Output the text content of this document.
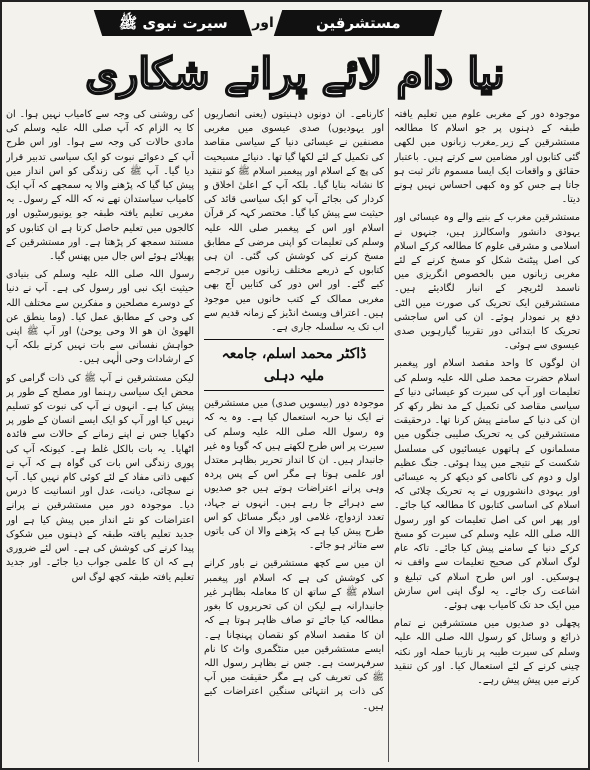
مستشرقین
اور
سیرت نبوی ﷺ
نیا دام لائے پرانے شکاری

موجودہ دور کے مغربی علوم میں تعلیم یافتہ طبقہ کے ذہنوں پر جو اسلام کا مطالعہ مستشرقین کے زیر ِمغرب زبانوں میں لکھی گئی کتابوں اور مضامین سے کرتے ہیں۔ باعتبار حقائق و واقعات ایک ایسا مسموم تاثر ثبت ہو جاتا ہے جس کو وہ کبھی احساس نہیں ہونے دیتا۔

مستشرقین مغرب کے بنیے والے وہ عیسائی اور یہودی دانشور واسکالرز ہیں، جنہوں نے اسلامی و مشرقی علوم کا مطالعہ کرکے اسلام کی اصل پیٹنٹ شکل کو مسخ کرنے کے لئے مغربی زبانوں میں بالخصوص انگریزی میں ناسمد لٹریچر کے انبار لگادیئے ہیں۔ مستشرقین ایک تحریک کی صورت میں الٹی دفع پر نمودار ہوئے۔ ان کی اس ساجشی تحریک کا ابتدائی دور تقریبا گیارہویں صدی عیسوی سے ہوئی۔

ان لوگوں کا واحد مقصد اسلام اور پیغمبر اسلام حضرت محمد صلی اللہ علیہ وسلم کی تعلیمات اور آپ کی سیرت کو عیسائی دنیا کے سیاسی مقاصد کی تکمیل کے مد نظر رکھ کر ان کی دنیا کے سامنے پیش کرنا تھا۔ درحقیقت مستشرقین کی یہ تحریک صلیبی جنگوں میں مسلمانوں کے ہاتھوں عیسائیوں کی مسلسل شکست کے نتیجے میں پیدا ہوئی۔ جنگ عظیم اول و دوم کی ناکامی کو دیکھ کر یہ عیسائی اور یہودی دانشوروں نے یہ تحریک چلائی کہ اسلام کی اساسی کتابوں کا مطالعہ کیا جائے۔ اور پھر اس کی اصل تعلیمات کو اور رسول اللہ صلی اللہ علیہ وسلم کی سیرت کو مسخ کرکے دنیا کے سامنے پیش کیا جائے۔ تاکہ عام لوگ اسلام کی صحیح تعلیمات سے واقف نہ ہوسکیں۔ اور اس طرح اسلام کی تبلیغ و اشاعت رک جائے۔ یہ لوگ اپنی اس سازش میں ایک حد تک کامیاب بھی ہوئے۔

پچھلی دو صدیوں میں مستشرقین نے تمام ذرائع و وسائل کو رسول اللہ صلی اللہ علیہ وسلم کی سیرت طیبہ پر نازیبا حملہ اور نکتہ چینی کرنے کے لئے استعمال کیا۔ اور کن تنقید کرنے میں پیش پیش رہے۔

کارنامے۔ ان دونوں ذہنیتوں (یعنی انصاریوں اور یہودیوں) صدی عیسوی میں مغربی مصنفین نے عیسائی دنیا کے سیاسی مقاصد کی تکمیل کے لئے لکھا گیا تھا۔ دنیائے مسیحیت کی پچ کے اسلام اور پیغمبر اسلام ﷺ کو تنقید کا نشانہ بنایا گیا۔ بلکہ آپ کے اعلیٰ اخلاق و کردار کی بجائے آپ کو ایک سیاسی قائد کی حیثیت سے پیش کیا گیا۔ مختصر کہہ کر قرآن اسلام اور اس کے پیغمبر صلی اللہ علیہ وسلم کی تعلیمات کو اپنی مرضی کے مطابق مسخ کرنے کی کوشش کی گئی۔ ان ہی کتابوں کے ذریعے مختلف زبانوں میں ترجمے کیے گئے۔ اور اس دور کی کتابیں آج بھی مغربی ممالک کے کتب خانوں میں موجود ہیں۔ اعتراف ویسٹ انڈیز کے زمانہ قدیم سے اب تک یہ سلسلہ جاری ہے۔

ڈاکٹر محمد اسلم، جامعہ ملیہ دہلی

موجودہ دور (بیسویں صدی) میں مستشرقین نے ایک نیا حربہ استعمال کیا ہے۔ وہ یہ کہ وہ رسول اللہ صلی اللہ علیہ وسلم کی سیرت پر اس طرح لکھتے ہیں کہ گویا وہ غیر جانبدار ہیں۔ ان کا انداز تحریر بظاہر معتدل اور علمی ہوتا ہے مگر اس کے پس پردہ وہی پرانے اعتراضات ہوتے ہیں جو صدیوں سے دہرائے جا رہے ہیں۔ انہوں نے جہاد، تعدد ازدواج، غلامی اور دیگر مسائل کو اس طرح پیش کیا ہے کہ پڑھنے والا ان کی باتوں سے متاثر ہو جائے۔

ان میں سے کچھ مستشرقین نے باور کرانے کی کوشش کی ہے کہ اسلام اور پیغمبر اسلام ﷺ کے ساتھ ان کا معاملہ بظاہر غیر جانبدارانہ ہے لیکن ان کی تحریروں کا بغور مطالعہ کیا جائے تو صاف ظاہر ہوتا ہے کہ ان کا مقصد اسلام کو نقصان پہنچانا ہے۔ ایسے مستشرقین میں منٹگمری واٹ کا نام سرفہرست ہے۔ جس نے بظاہر رسول اللہ ﷺ کی تعریف کی ہے مگر حقیقت میں آپ کی ذات پر انتہائی سنگین اعتراضات کیے ہیں۔

کی روشنی کی وجہ سے کامیاب نہیں ہوا۔ ان کا یہ الزام کہ آپ صلی اللہ علیہ وسلم کی مادی حالات کی وجہ سے ہوا۔ اور اس طرح آپ کے دعوائے نبوت کو ایک سیاسی تدبیر قرار دیا گیا۔ آپ ﷺ کی زندگی کو اس انداز میں پیش کیا گیا کہ پڑھنے والا یہ سمجھے کہ آپ ایک کامیاب سیاستدان تھے نہ کہ اللہ کے رسول۔ یہ مغربی تعلیم یافتہ طبقہ جو یونیورسٹیوں اور کالجوں میں تعلیم حاصل کرتا ہے ان کتابوں کو مستند سمجھ کر پڑھتا ہے۔ اور مستشرقین کے پھیلائے ہوئے اس جال میں پھنس گیا۔

رسول اللہ صلی اللہ علیہ وسلم کی بنیادی حیثیت ایک نبی اور رسول کی ہے۔ آپ نے دنیا کے دوسرے مصلحین و مفکرین سے مختلف اللہ کی وحی کے مطابق عمل کیا۔ (وما ینطق عن الھویٰ ان ھو الا وحی یوحیٰ) اور آپ ﷺ اپنی خواہش نفسانی سے بات نہیں کرتے بلکہ آپ کے ارشادات وحی الٰہی ہیں۔

لیکن مستشرقین نے آپ ﷺ کی ذات گرامی کو محض ایک سیاسی رہنما اور مصلح کے طور پر پیش کیا ہے۔ انہوں نے آپ کی نبوت کو تسلیم نہیں کیا اور آپ کو ایک ایسے انسان کے طور پر دکھایا جس نے اپنے زمانے کے حالات سے فائدہ اٹھایا۔ یہ بات بالکل غلط ہے۔ کیونکہ آپ کی پوری زندگی اس بات کی گواہ ہے کہ آپ نے کبھی ذاتی مفاد کے لئے کوئی کام نہیں کیا۔ آپ نے سچائی، دیانت، عدل اور انسانیت کا درس دیا۔ موجودہ دور میں مستشرقین نے پرانے اعتراضات کو نئے انداز میں پیش کیا ہے اور جدید تعلیم یافتہ طبقہ کے ذہنوں میں شکوک پیدا کرنے کی کوشش کی ہے۔ اس لئے ضروری ہے کہ ان کا علمی جواب دیا جائے۔ اور جدید تعلیم یافتہ طبقہ کچھ لوگ اس
